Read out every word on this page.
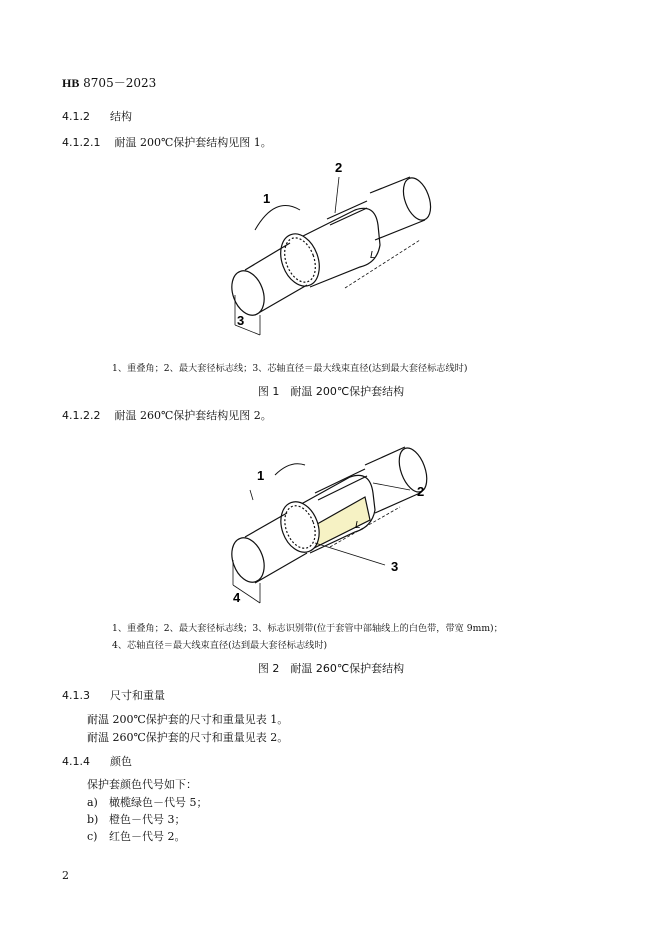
HB 8705－2023
4.1.2 结构
4.1.2.1 耐温 200℃保护套结构见图 1。
1
2
3
L
1、重叠角；2、最大套径标志线；3、芯轴直径＝最大线束直径(达到最大套径标志线时)
图 1　耐温 200℃保护套结构
4.1.2.2 耐温 260℃保护套结构见图 2。
1
2
3
4
L
1、重叠角；2、最大套径标志线；3、标志识别带(位于套管中部轴线上的白色带，带宽 9mm)；
4、芯轴直径＝最大线束直径(达到最大套径标志线时)
图 2　耐温 260℃保护套结构
4.1.3 尺寸和重量
耐温 200℃保护套的尺寸和重量见表 1。
耐温 260℃保护套的尺寸和重量见表 2。
4.1.4 颜色
保护套颜色代号如下：
a) 橄榄绿色－代号 5；
b) 橙色－代号 3；
c) 红色－代号 2。
2
